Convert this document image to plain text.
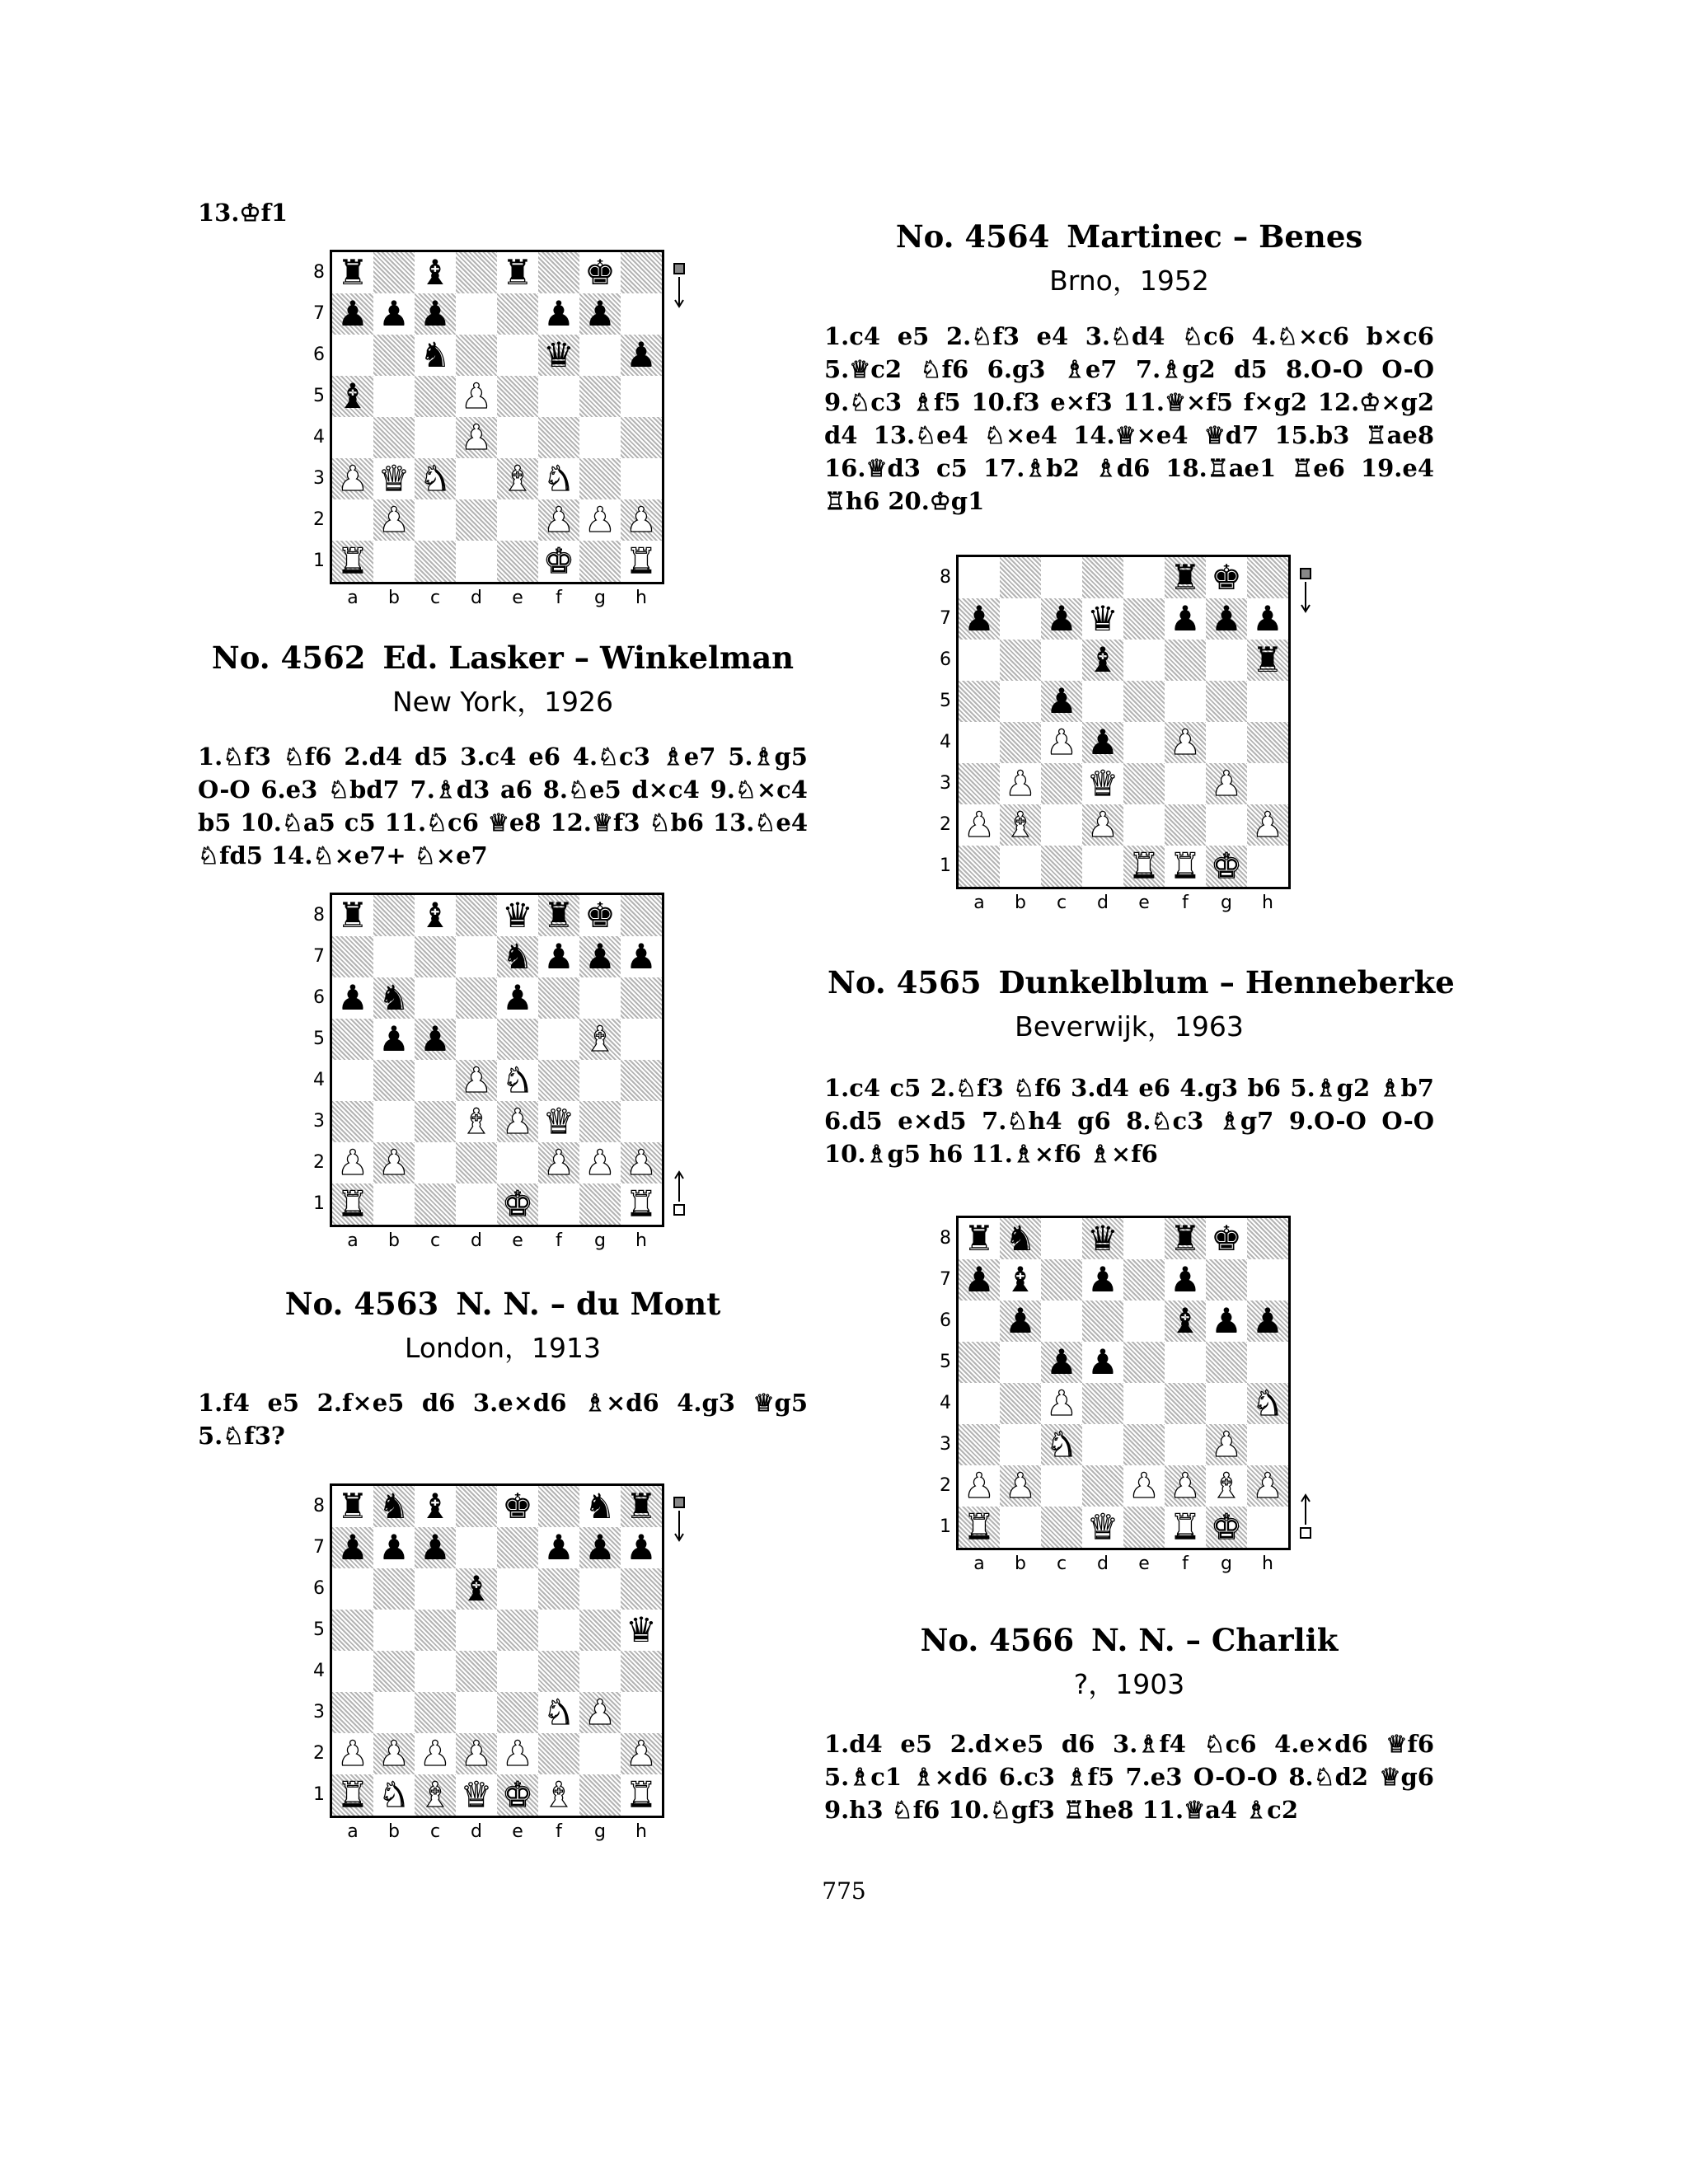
13.♔f1

8
7
6
5
4
3
2
1
♜ ♝ ♜ ♚
♟ ♟ ♟	♟ ♟
♞	♛ ♟
♝	♟
♟
♟ ♛ ♞ ♝ ♞
♟	♟ ♟ ♟
♜	♚ ♜
a	b	c	d	e	f	g	h

No. 4562 Ed. Lasker – Winkelman

New York，1926

1.♘f3 ♘f6 2.d4 d5 3.c4 e6 4.♘c3 ♗e7 5.♗g5 O-O 6.e3 ♘bd7 7.♗d3 a6 8.♘e5 d×c4 9.♘×c4 b5 10.♘a5 c5 11.♘c6 ♕e8 12.♕f3 ♘b6 13.♘e4 ♘fd5 14.♘×e7+ ♘×e7

8
7
6
5
4
3
2
1
♜ ♝ ♛ ♜ ♚
♞ ♟ ♟ ♟
♟ ♞	♟
♟ ♟	♝
♟ ♞
♝ ♟ ♛
♟ ♟	♟ ♟ ♟
♜	♚	♜
a	b	c	d	e	f	g	h

No. 4563 N. N. – du Mont

London，1913

1.f4 e5 2.f×e5 d6 3.e×d6 ♗×d6 4.g3 ♕g5 5.♘f3?

8
7
6
5
4
3
2
1
♜ ♞ ♝ ♚ ♞ ♜
♟ ♟ ♟	♟ ♟ ♟
♝
♛
♞ ♟
♟ ♟ ♟ ♟ ♟	♟
♜ ♞ ♝ ♛ ♚ ♝ ♜
a	b	c	d	e	f	g	h

No. 4564 Martinec – Benes

Brno，1952

1.c4 e5 2.♘f3 e4 3.♘d4 ♘c6 4.♘×c6 b×c6 5.♕c2 ♘f6 6.g3 ♗e7 7.♗g2 d5 8.O-O O-O 9.♘c3 ♗f5 10.f3 e×f3 11.♕×f5 f×g2 12.♔×g2 d4 13.♘e4 ♘×e4 14.♕×e4 ♕d7 15.b3 ♖ae8 16.♕d3 c5 17.♗b2 ♗d6 18.♖ae1 ♖e6 19.e4 ♖h6 20.♔g1

8
7
6
5
4
3
2
1
♜ ♚
♟ ♟ ♛ ♟ ♟ ♟
♝	♜
♟
♟ ♟ ♟
♟ ♛	♟
♟ ♝ ♟	♟
♜ ♜ ♚
a	b	c	d	e	f	g	h

No. 4565 Dunkelblum – Henneberke

Beverwijk，1963

1.c4 c5 2.♘f3 ♘f6 3.d4 e6 4.g3 b6 5.♗g2 ♗b7 6.d5 e×d5 7.♘h4 g6 8.♘c3 ♗g7 9.O-O O-O 10.♗g5 h6 11.♗×f6 ♗×f6

8
7
6
5
4
3
2
1
♜ ♞ ♛ ♜ ♚
♟ ♝ ♟ ♟
♟	♝ ♟ ♟
♟ ♟
♟	♞
♞	♟
♟ ♟	♟ ♟ ♝ ♟
♜	♛ ♜ ♚
a	b	c	d	e	f	g	h

No. 4566 N. N. – Charlik

?，1903

1.d4 e5 2.d×e5 d6 3.♗f4 ♘c6 4.e×d6 ♕f6 5.♗c1 ♗×d6 6.c3 ♗f5 7.e3 O-O-O 8.♘d2 ♕g6 9.h3 ♘f6 10.♘gf3 ♖he8 11.♕a4 ♗c2

775
